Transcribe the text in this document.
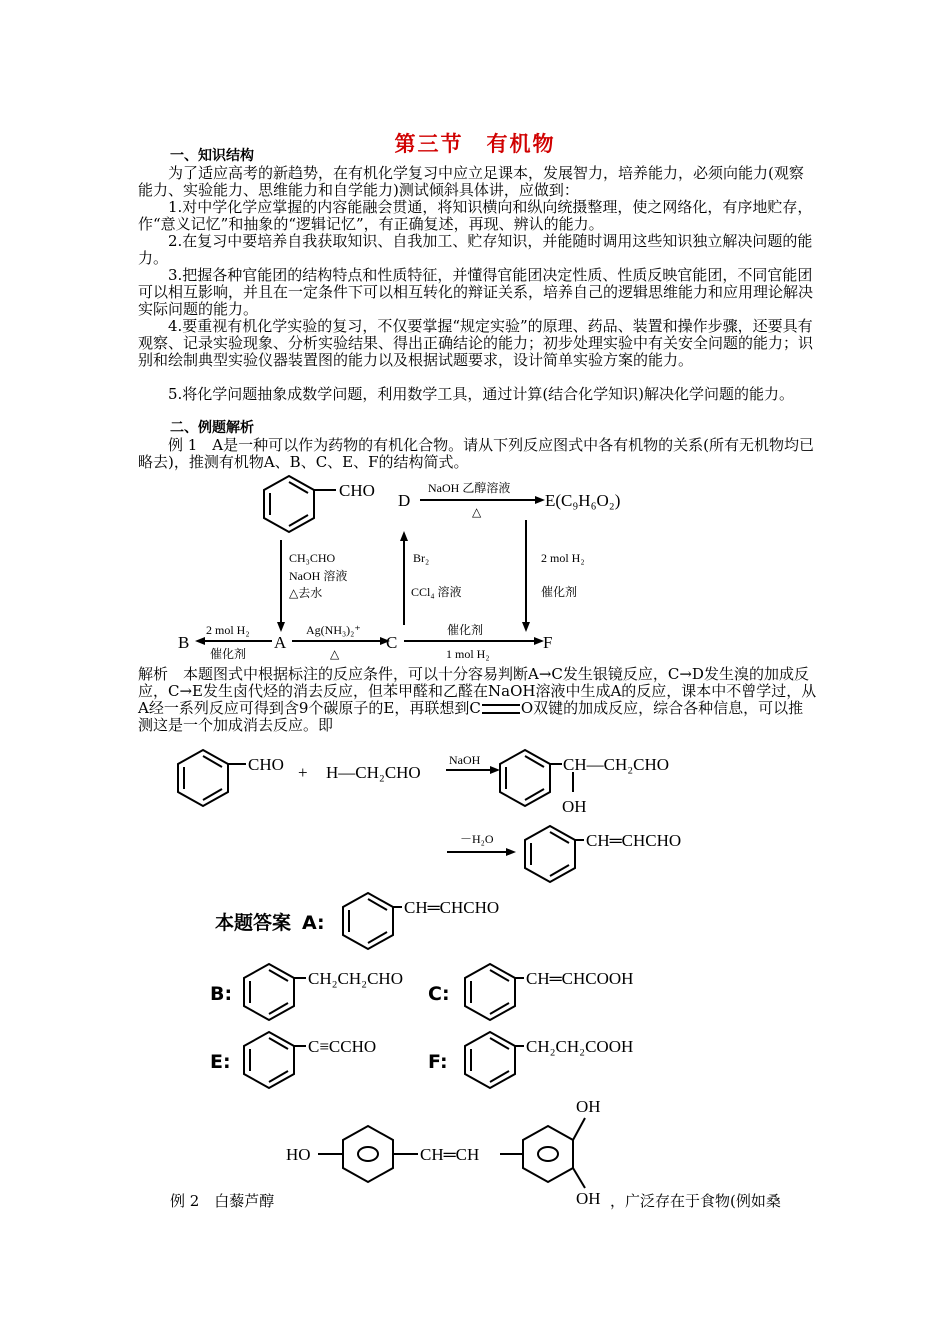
第三节　有机物

一、知识结构

为了适应高考的新趋势，在有机化学复习中应立足课本，发展智力，培养能力，必须向能力(观察能力、实验能力、思维能力和自学能力)测试倾斜具体讲，应做到：

1.对中学化学应掌握的内容能融会贯通，将知识横向和纵向统摄整理，使之网络化，有序地贮存，作“意义记忆”和抽象的“逻辑记忆”，有正确复述，再现、辨认的能力。

2.在复习中要培养自我获取知识、自我加工、贮存知识，并能随时调用这些知识独立解决问题的能力。

3.把握各种官能团的结构特点和性质特征，并懂得官能团决定性质、性质反映官能团，不同官能团可以相互影响，并且在一定条件下可以相互转化的辩证关系，培养自己的逻辑思维能力和应用理论解决实际问题的能力。

4.要重视有机化学实验的复习，不仅要掌握“规定实验”的原理、药品、装置和操作步骤，还要具有观察、记录实验现象、分析实验结果、得出正确结论的能力；初步处理实验中有关安全问题的能力；识别和绘制典型实验仪器装置图的能力以及根据试题要求，设计简单实验方案的能力。

5.将化学问题抽象成数学问题，利用数学工具，通过计算(结合化学知识)解决化学问题的能力。

二、例题解析

例 1　A是一种可以作为药物的有机化合物。请从下列反应图式中各有机物的关系(所有无机物均已略去)，推测有机物A、B、C、E、F的结构简式。

CHO
D	E(C₉H₆O₂)
NaOH 乙醇溶液
△
CH₃CHO
NaOH 溶液
△去水
Br₂
CCl₄ 溶液
2 mol H₂
催化剂
2 mol H₂
催化剂
B	A	C	F
Ag(NH₃)₂⁺
△
催化剂
1 mol H₂

解析　本题图式中根据标注的反应条件，可以十分容易判断A→C发生银镜反应，C→D发生溴的加成反应，C→E发生卤代烃的消去反应，但苯甲醛和乙醛在NaOH溶液中生成A的反应，课本中不曾学过，从A经一系列反应可得到含9个碳原子的E，再联想到C	O双键的加成反应，综合各种信息，可以推测这是一个加成消去反应。即

CHO + H—CH₂CHO
NaOH	CH—CH₂CHO
OH
－H₂O	CH═CHCHO
本题答案 A:
CH═CHCHO
B:
CH₂CH₂CHO
C:
CH═CHCOOH
E:
C≡CCHO
F:
CH₂CH₂COOH
HO	CH═CH
OH
OH

例 2　白藜芦醇	，广泛存在于食物(例如桑
